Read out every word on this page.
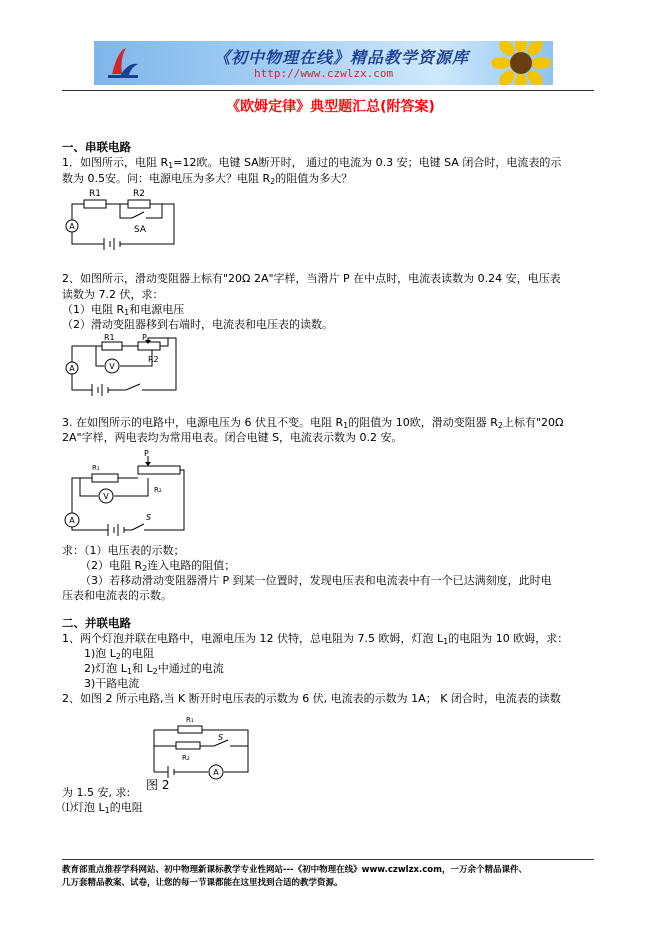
《初中物理在线》精品教学资源库
http://www.czwlzx.com
《欧姆定律》典型题汇总(附答案)
一、串联电路
1．如图所示，电阻 $R_1=12$欧。电键 SA断开时， 通过的电流为 0.3 安；电键 SA 闭合时，电流表的示
数为 0.5安。问：电源电压为多大？电阻 $R_2$的阻值为多大？
A
R1	R2
SA
2、如图所示，滑动变阻器上标有"20Ω 2A"字样，当滑片 P 在中点时，电流表读数为 0.24 安，电压表
读数为 7.2 伏，求：
（1）电阻 $R_1$和电源电压
（2）滑动变阻器移到右端时，电流表和电压表的读数。
A	V
R1	P
R2
3. 在如图所示的电路中，电源电压为 6 伏且不变。电阻 $R_1$的阻值为 10欧，滑动变阻器 $R_2$上标有"20Ω
2A"字样，两电表均为常用电表。闭合电键 S，电流表示数为 0.2 安。
A
V
R₁
P
R₂
S
求：（1）电压表的示数；
（2）电阻 $R_2$连入电路的阻值；
（3）若移动滑动变阻器滑片 P 到某一位置时，发现电压表和电流表中有一个已达满刻度，此时电
压表和电流表的示数。
二、并联电路
1、两个灯泡并联在电路中，电源电压为 12 伏特，总电阻为 7.5 欧姆，灯泡 $L_1$的电阻为 10 欧姆，求：
1)泡 $L_2$的电阻
2)灯泡 $L_1$和 $L_2$中通过的电流
3)干路电流
2、如图 2 所示电路,当 K 断开时电压表的示数为 6 伏, 电流表的示数为 1A； K 闭合时，电流表的读数
A
R₁
S
R₂
图 2
为 1.5 安, 求:
⑴灯泡 $L_1$的电阻
教育部重点推荐学科网站、初中物理新课标教学专业性网站---《初中物理在线》www.czwlzx.com，一万余个精品课件、
几万套精品教案、试卷，让您的每一节课都能在这里找到合适的教学资源。
